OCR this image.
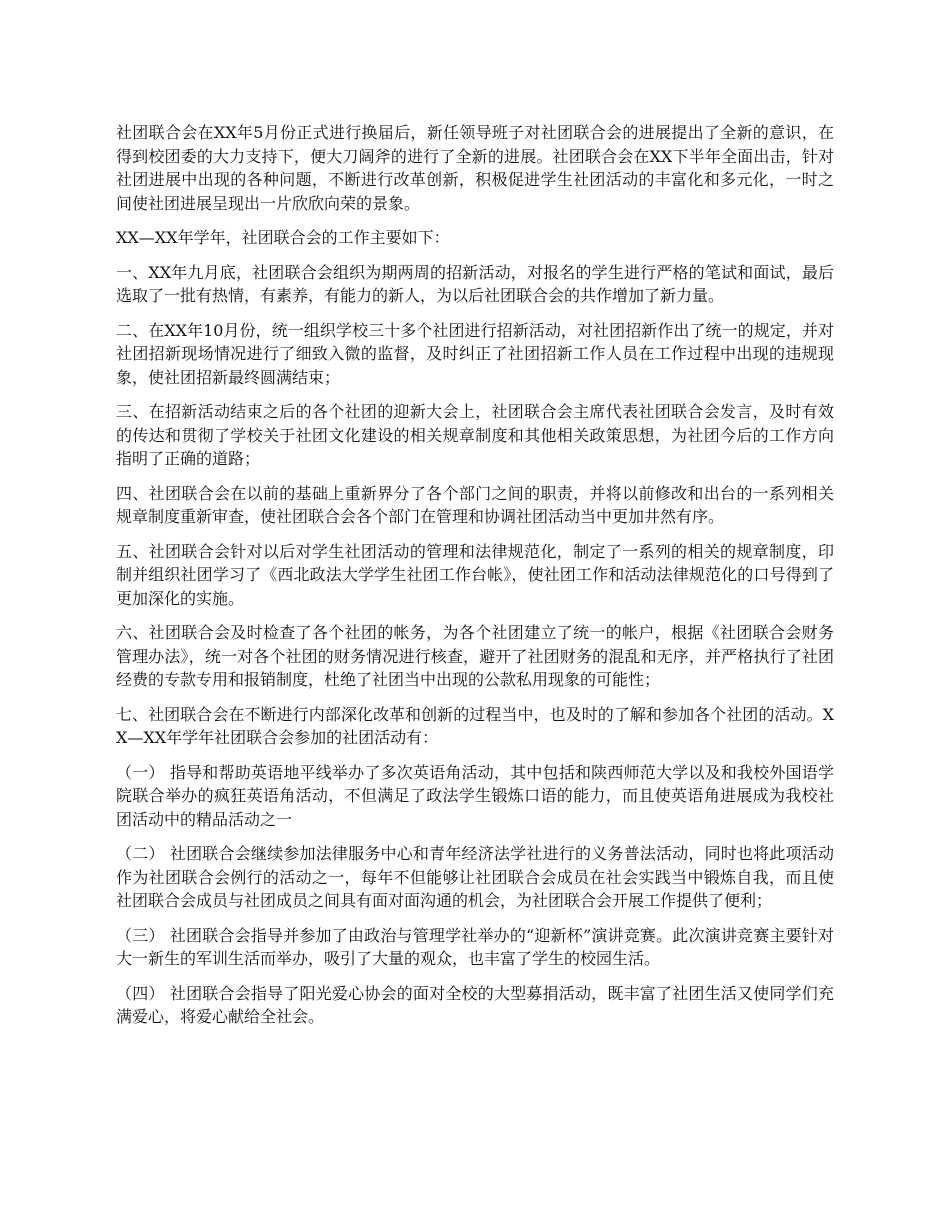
社团联合会在XX年5月份正式进行换届后，新任领导班子对社团联合会的进展提出了全新的意识，在得到校团委的大力支持下，便大刀阔斧的进行了全新的进展。社团联合会在XX下半年全面出击，针对社团进展中出现的各种问题，不断进行改革创新，积极促进学生社团活动的丰富化和多元化，一时之间使社团进展呈现出一片欣欣向荣的景象。

XX—XX年学年，社团联合会的工作主要如下：

一、XX年九月底，社团联合会组织为期两周的招新活动，对报名的学生进行严格的笔试和面试，最后选取了一批有热情，有素养，有能力的新人，为以后社团联合会的共作增加了新力量。

二、在XX年10月份，统一组织学校三十多个社团进行招新活动，对社团招新作出了统一的规定，并对社团招新现场情况进行了细致入微的监督，及时纠正了社团招新工作人员在工作过程中出现的违规现象，使社团招新最终圆满结束；

三、在招新活动结束之后的各个社团的迎新大会上，社团联合会主席代表社团联合会发言，及时有效的传达和贯彻了学校关于社团文化建设的相关规章制度和其他相关政策思想，为社团今后的工作方向指明了正确的道路；

四、社团联合会在以前的基础上重新界分了各个部门之间的职责，并将以前修改和出台的一系列相关规章制度重新审查，使社团联合会各个部门在管理和协调社团活动当中更加井然有序。

五、社团联合会针对以后对学生社团活动的管理和法律规范化，制定了一系列的相关的规章制度，印制并组织社团学习了《西北政法大学学生社团工作台帐》，使社团工作和活动法律规范化的口号得到了更加深化的实施。

六、社团联合会及时检查了各个社团的帐务，为各个社团建立了统一的帐户，根据《社团联合会财务管理办法》，统一对各个社团的财务情况进行核查，避开了社团财务的混乱和无序，并严格执行了社团经费的专款专用和报销制度，杜绝了社团当中出现的公款私用现象的可能性；

七、社团联合会在不断进行内部深化改革和创新的过程当中，也及时的了解和参加各个社团的活动。XX—XX年学年社团联合会参加的社团活动有：

（一） 指导和帮助英语地平线举办了多次英语角活动，其中包括和陕西师范大学以及和我校外国语学院联合举办的疯狂英语角活动，不但满足了政法学生锻炼口语的能力，而且使英语角进展成为我校社团活动中的精品活动之一

（二） 社团联合会继续参加法律服务中心和青年经济法学社进行的义务普法活动，同时也将此项活动作为社团联合会例行的活动之一，每年不但能够让社团联合会成员在社会实践当中锻炼自我，而且使社团联合会成员与社团成员之间具有面对面沟通的机会，为社团联合会开展工作提供了便利；

（三） 社团联合会指导并参加了由政治与管理学社举办的“迎新杯”演讲竞赛。此次演讲竞赛主要针对大一新生的军训生活而举办，吸引了大量的观众，也丰富了学生的校园生活。

（四） 社团联合会指导了阳光爱心协会的面对全校的大型募捐活动，既丰富了社团生活又使同学们充满爱心，将爱心献给全社会。
